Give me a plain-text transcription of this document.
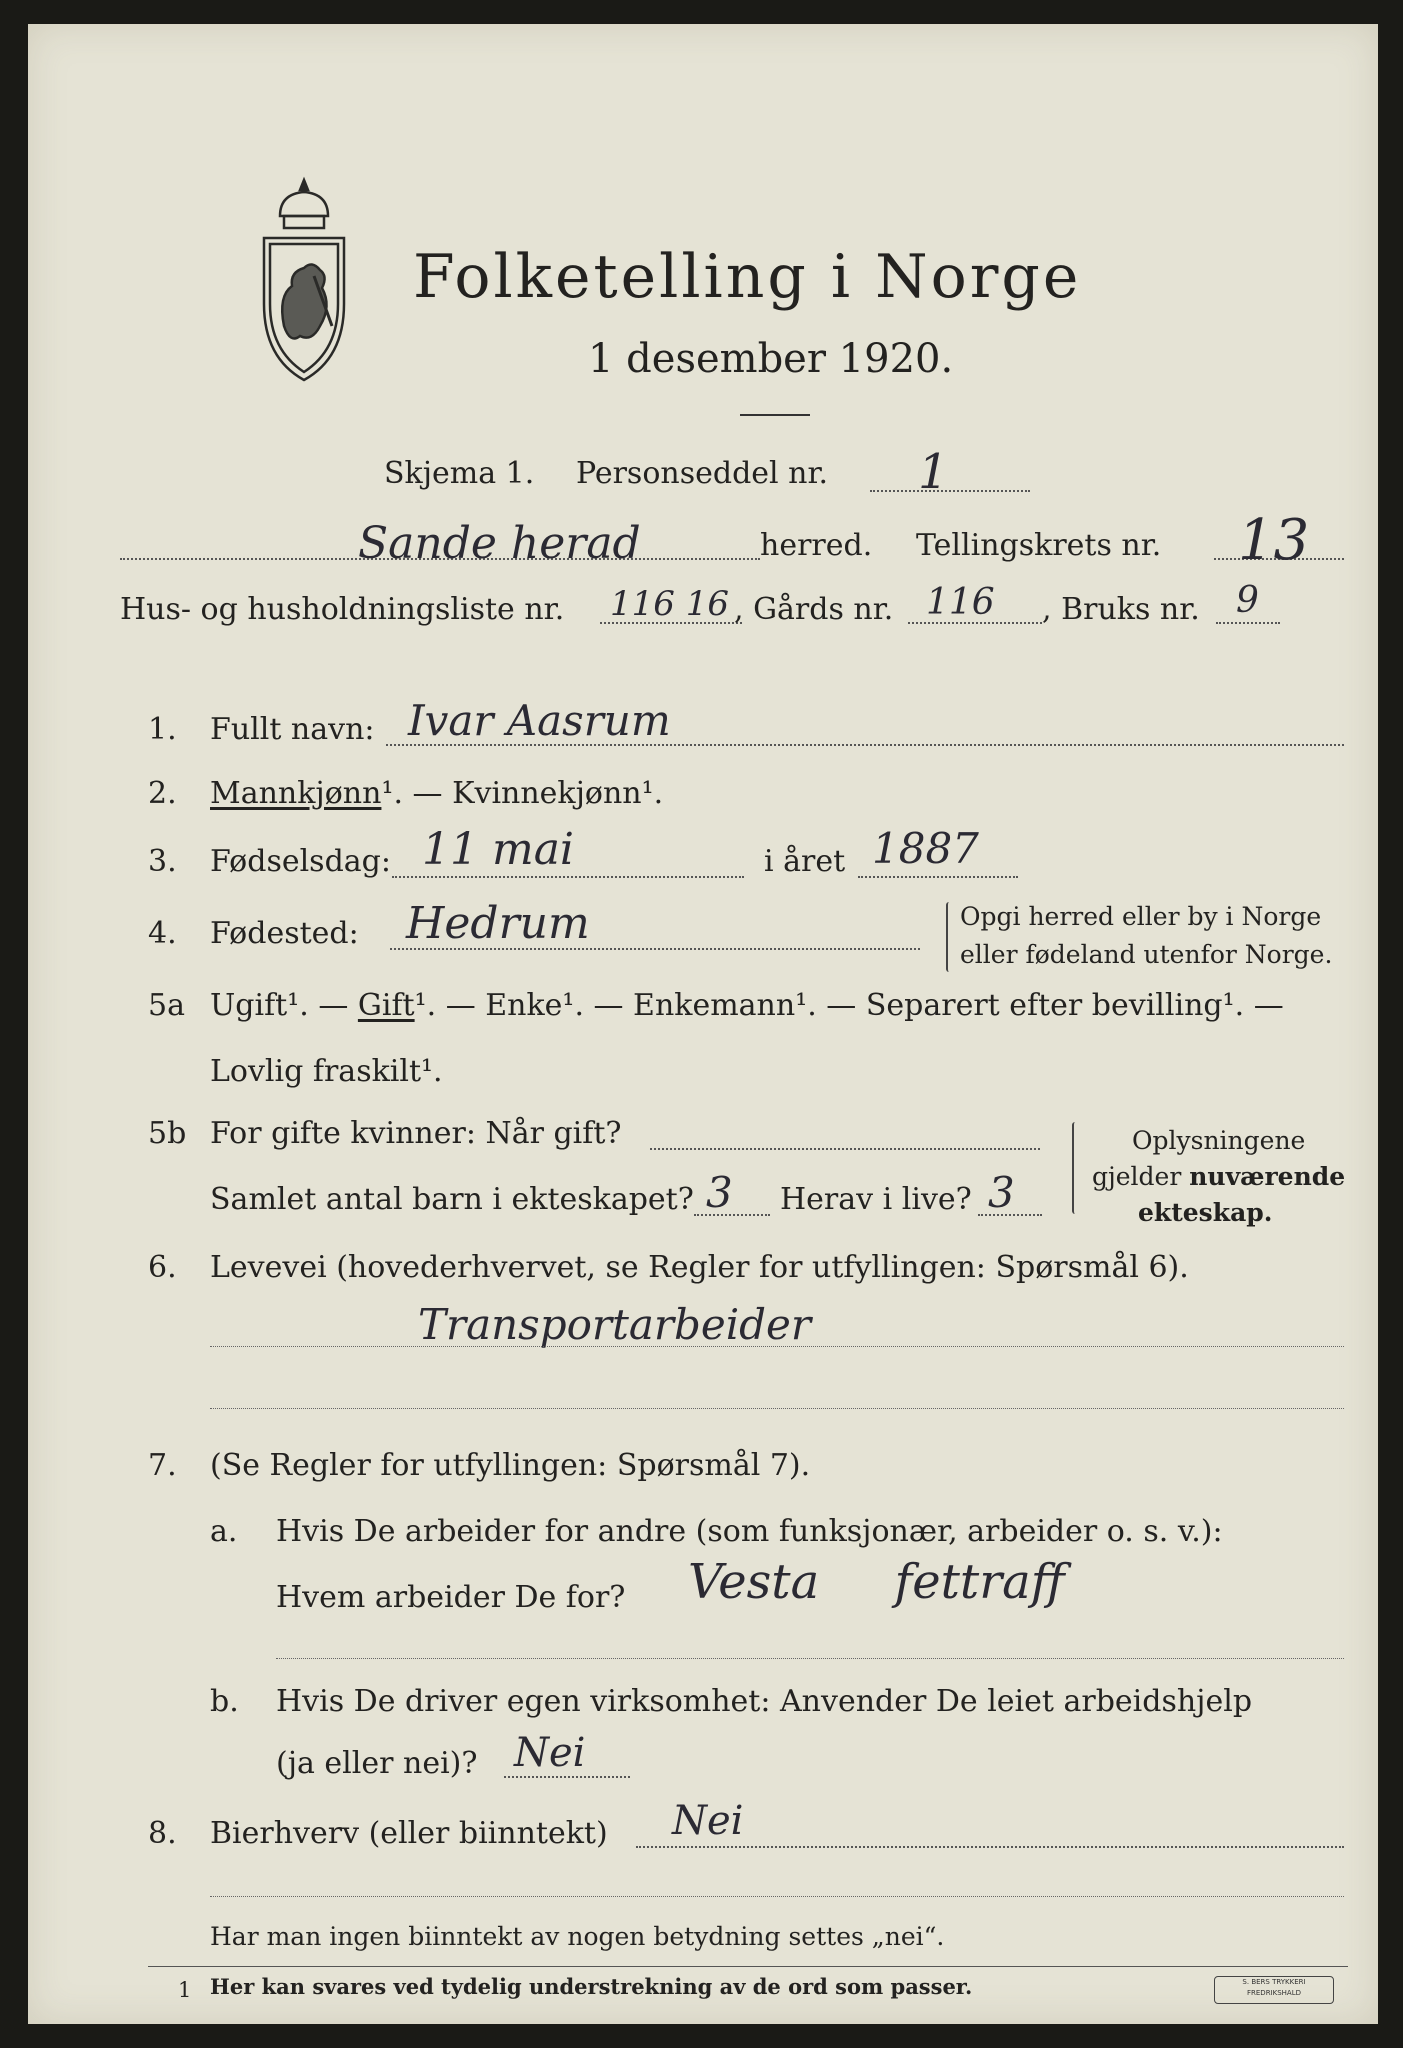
Folketelling i Norge
1 desember 1920.
Skjema 1. Personseddel nr. 1
Sande herad	herred. Tellingskrets nr. 13
Hus- og husholdningsliste nr. 116 16 , Gårds nr. 116 , Bruks nr. 9
1. Fullt navn: Ivar Aasrum
2. Mannkjønn¹. — Kvinnekjønn¹.
3. Fødselsdag: 11 mai	i året 1887
4. Fødested: Hedrum	Opgi herred eller by i Norge
eller fødeland utenfor Norge.
5a Ugift¹. — Gift¹. — Enke¹. — Enkemann¹. — Separert efter bevilling¹. —
Lovlig fraskilt¹.
5b For gifte kvinner: Når gift?
Samlet antal barn i ekteskapet? 3 Herav i live? 3
Oplysningene
gjelder nuværende
ekteskap.
6. Levevei (hovederhvervet, se Regler for utfyllingen: Spørsmål 6).
Transportarbeider
7. (Se Regler for utfyllingen: Spørsmål 7).
a. Hvis De arbeider for andre (som funksjonær, arbeider o. s. v.):
Hvem arbeider De for? Vesta fettraff
b. Hvis De driver egen virksomhet: Anvender De leiet arbeidshjelp
(ja eller nei)? Nei
8. Bierhverv (eller biinntekt) Nei
Har man ingen biinntekt av nogen betydning settes „nei“.
1 Her kan svares ved tydelig understrekning av de ord som passer.	S. BERS TRYKKERI
FREDRIKSHALD
